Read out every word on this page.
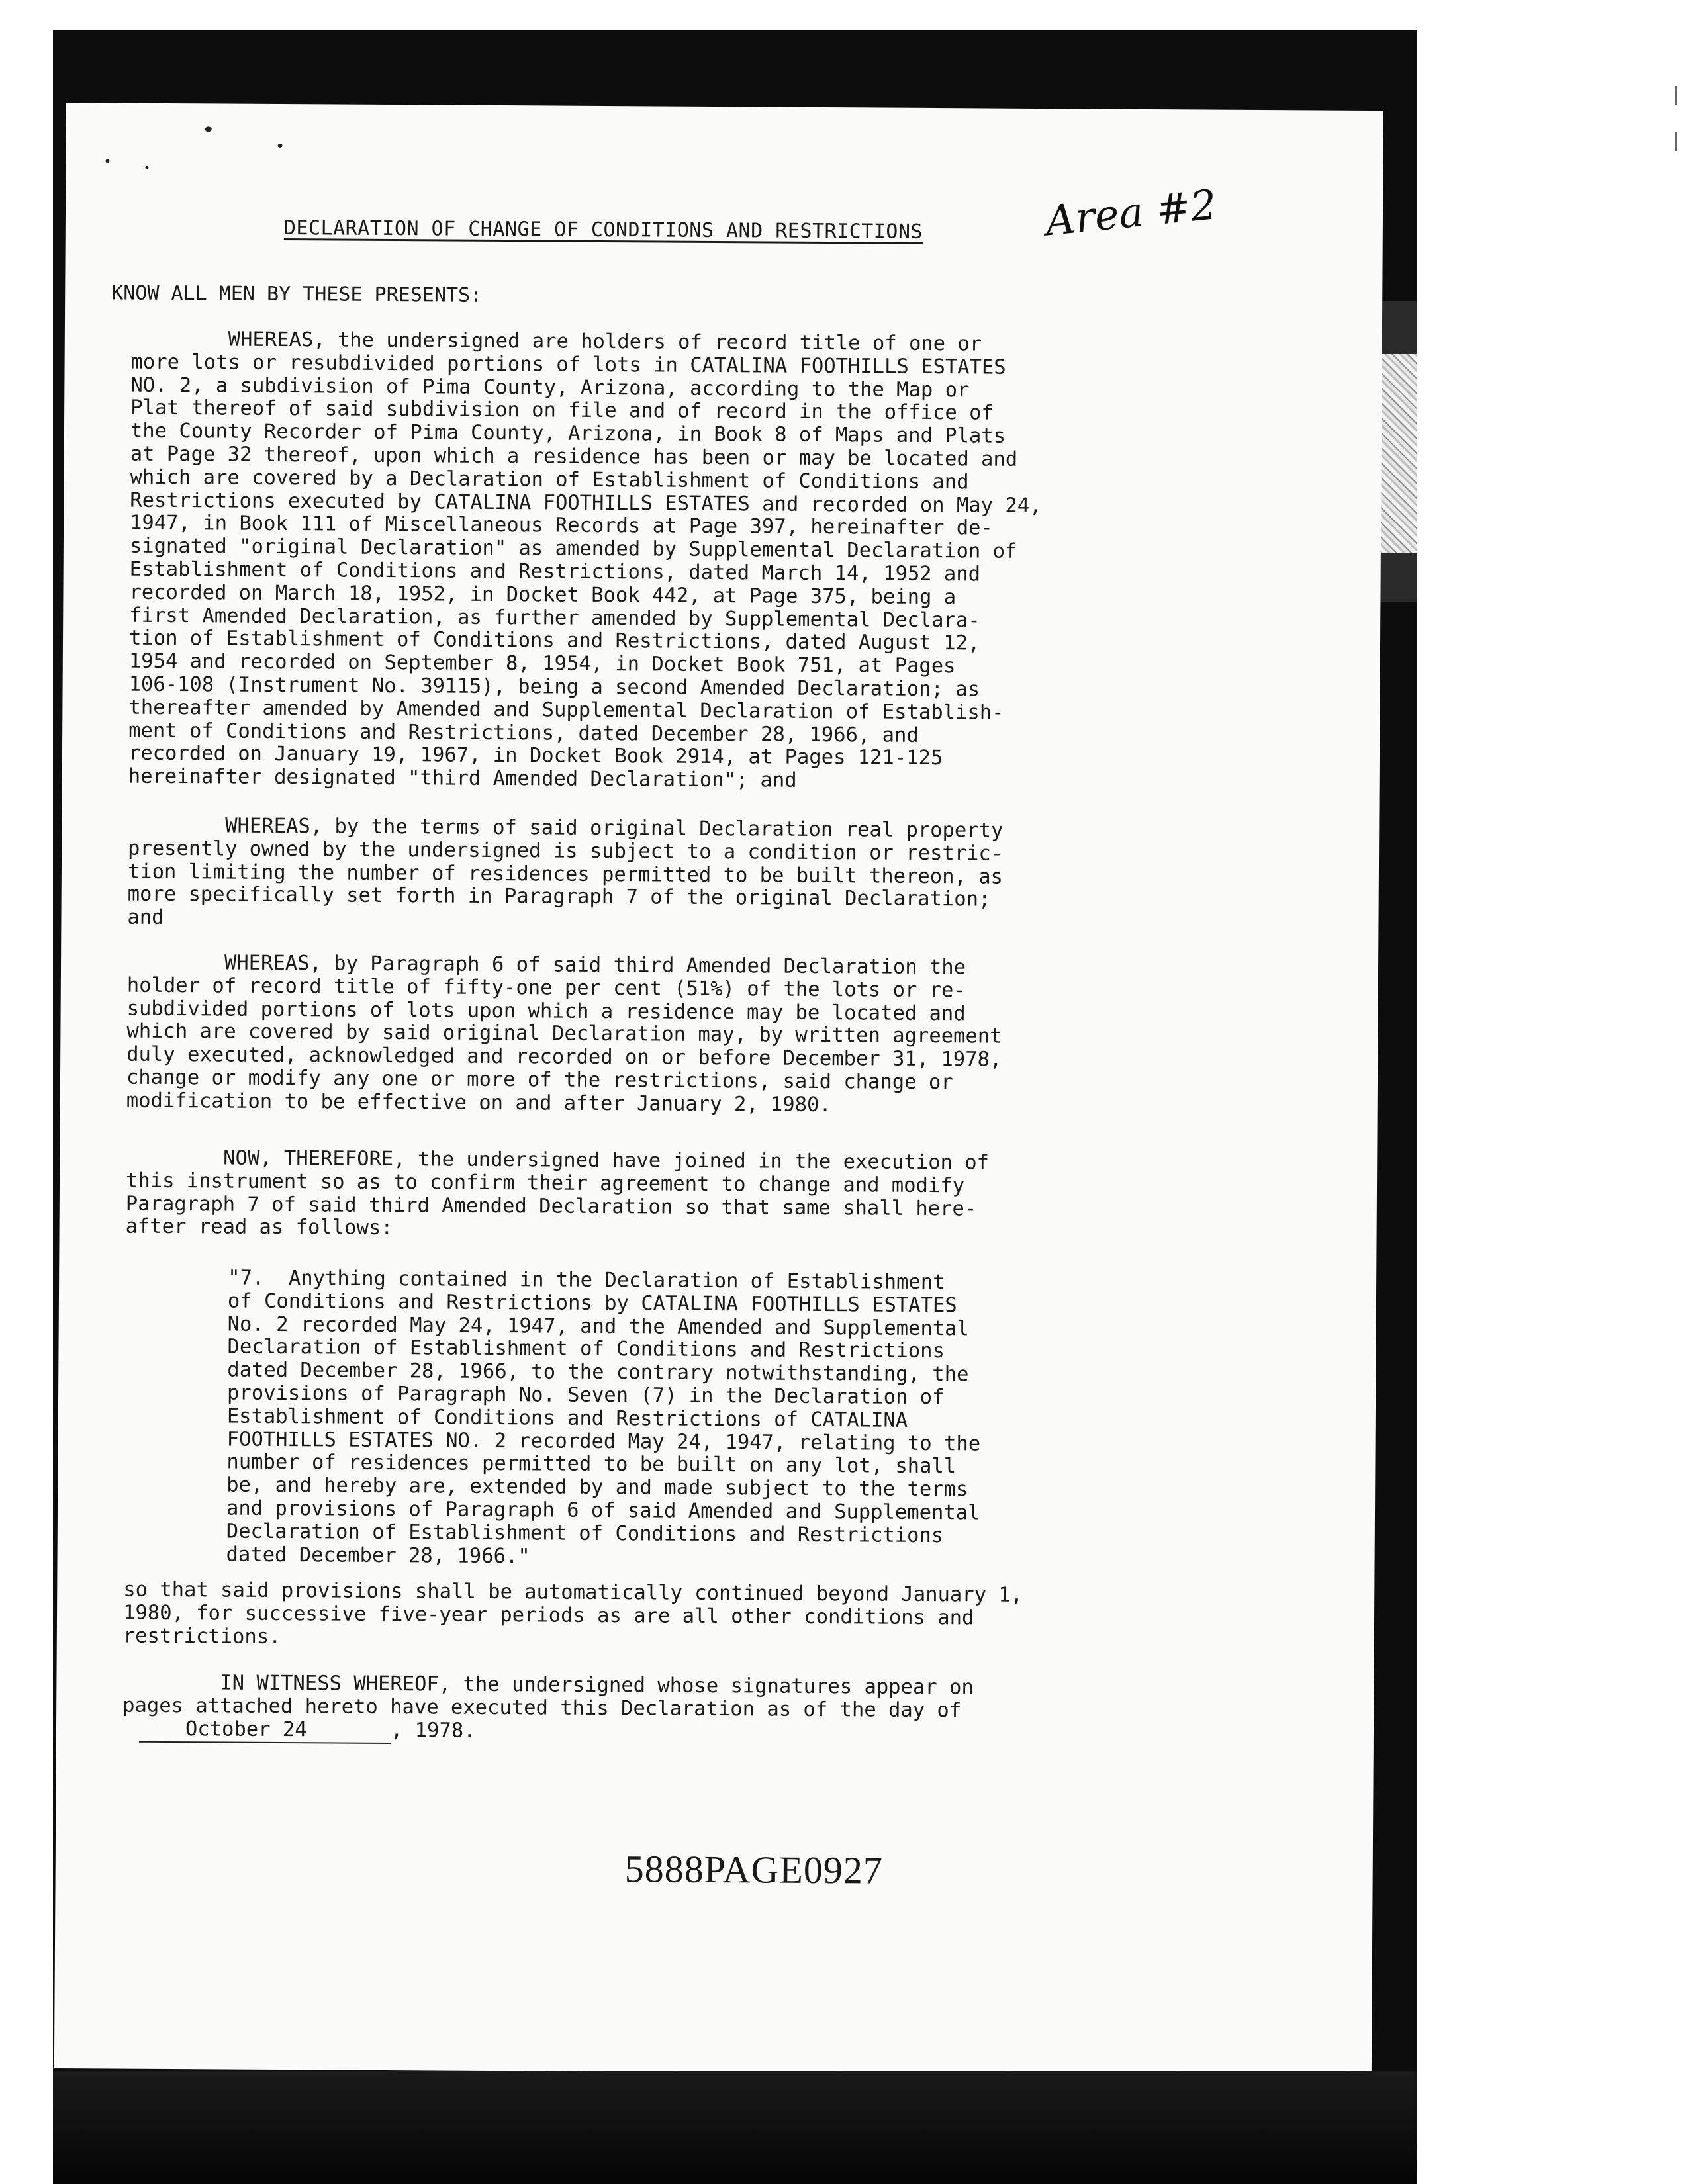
DECLARATION OF CHANGE OF CONDITIONS AND RESTRICTIONS	Area #2
KNOW ALL MEN BY THESE PRESENTS:
WHEREAS, the undersigned are holders of record title of one or
more lots or resubdivided portions of lots in CATALINA FOOTHILLS ESTATES
NO. 2, a subdivision of Pima County, Arizona, according to the Map or
Plat thereof of said subdivision on file and of record in the office of
the County Recorder of Pima County, Arizona, in Book 8 of Maps and Plats
at Page 32 thereof, upon which a residence has been or may be located and
which are covered by a Declaration of Establishment of Conditions and
Restrictions executed by CATALINA FOOTHILLS ESTATES and recorded on May 24,
1947, in Book 111 of Miscellaneous Records at Page 397, hereinafter de-
signated "original Declaration" as amended by Supplemental Declaration of
Establishment of Conditions and Restrictions, dated March 14, 1952 and
recorded on March 18, 1952, in Docket Book 442, at Page 375, being a
first Amended Declaration, as further amended by Supplemental Declara-
tion of Establishment of Conditions and Restrictions, dated August 12,
1954 and recorded on September 8, 1954, in Docket Book 751, at Pages
106-108 (Instrument No. 39115), being a second Amended Declaration; as
thereafter amended by Amended and Supplemental Declaration of Establish-
ment of Conditions and Restrictions, dated December 28, 1966, and
recorded on January 19, 1967, in Docket Book 2914, at Pages 121-125
hereinafter designated "third Amended Declaration"; and
WHEREAS, by the terms of said original Declaration real property
presently owned by the undersigned is subject to a condition or restric-
tion limiting the number of residences permitted to be built thereon, as
more specifically set forth in Paragraph 7 of the original Declaration;
and
WHEREAS, by Paragraph 6 of said third Amended Declaration the
holder of record title of fifty-one per cent (51%) of the lots or re-
subdivided portions of lots upon which a residence may be located and
which are covered by said original Declaration may, by written agreement
duly executed, acknowledged and recorded on or before December 31, 1978,
change or modify any one or more of the restrictions, said change or
modification to be effective on and after January 2, 1980.
NOW, THEREFORE, the undersigned have joined in the execution of
this instrument so as to confirm their agreement to change and modify
Paragraph 7 of said third Amended Declaration so that same shall here-
after read as follows:
"7.  Anything contained in the Declaration of Establishment
of Conditions and Restrictions by CATALINA FOOTHILLS ESTATES
No. 2 recorded May 24, 1947, and the Amended and Supplemental
Declaration of Establishment of Conditions and Restrictions
dated December 28, 1966, to the contrary notwithstanding, the
provisions of Paragraph No. Seven (7) in the Declaration of
Establishment of Conditions and Restrictions of CATALINA
FOOTHILLS ESTATES NO. 2 recorded May 24, 1947, relating to the
number of residences permitted to be built on any lot, shall
be, and hereby are, extended by and made subject to the terms
and provisions of Paragraph 6 of said Amended and Supplemental
Declaration of Establishment of Conditions and Restrictions
dated December 28, 1966."
so that said provisions shall be automatically continued beyond January 1,
1980, for successive five-year periods as are all other conditions and
restrictions.
IN WITNESS WHEREOF, the undersigned whose signatures appear on
pages attached hereto have executed this Declaration as of the day of
October 24	, 1978.
5888PAGE0927
